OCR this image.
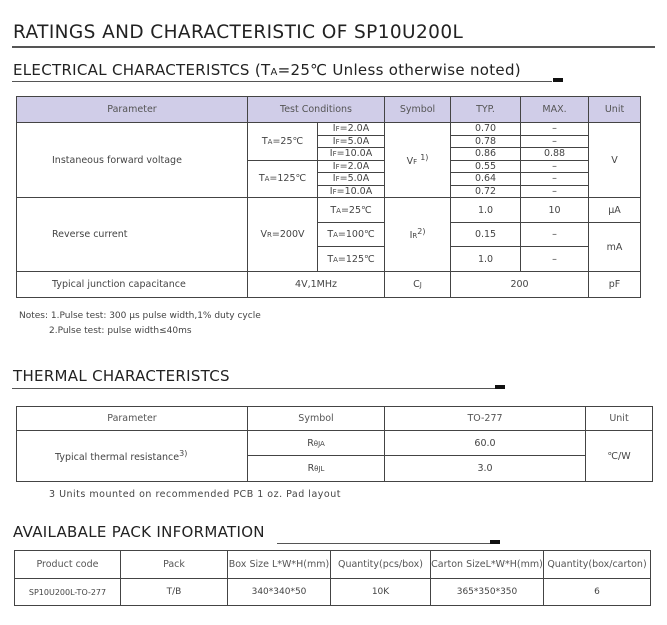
RATINGS AND CHARACTERISTIC OF SP10U200L
ELECTRICAL CHARACTERISTCS (TA=25℃ Unless otherwise noted)
Parameter	Test Conditions		Symbol	TYP.	MAX.	Unit
Instaneous forward voltage	TA=25℃	IF=2.0A	VF $^{1)}$	0.70	–	V
		IF=5.0A		0.78	–	
		IF=10.0A		0.86	0.88	
	TA=125℃	IF=2.0A		0.55	–	
		IF=5.0A		0.64	–	
		IF=10.0A		0.72	–	
Reverse current	VR=200V	TA=25℃	IR$^{2)}$	1.0	10	μA
		TA=100℃		0.15	–	mA
		TA=125℃		1.0	–	
Typical junction capacitance	4V,1MHz		CJ	200		pF
Notes: 1.Pulse test: 300 μs pulse width,1% duty cycle
2.Pulse test: pulse width≤40ms
THERMAL CHARACTERISTCS
Parameter	Symbol	TO-277	Unit
Typical thermal resistance$^{3)}$	RθJA	60.0	℃/W
	RθJL	3.0	
3 Units mounted on recommended PCB 1 oz. Pad layout
AVAILABALE PACK INFORMATION
Product code	Pack	Box Size L*W*H(mm)	Quantity(pcs/box)	Carton SizeL*W*H(mm)	Quantity(box/carton)
SP10U200L-TO-277	T/B	340*340*50	10K	365*350*350	6
